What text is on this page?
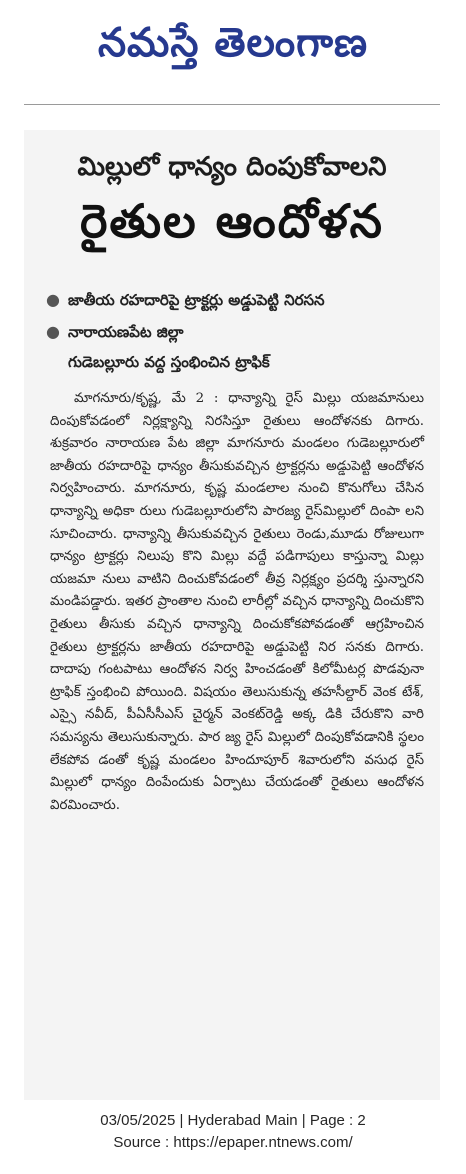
నమస్తే తెలంగాణ
మిల్లులో ధాన్యం దింపుకోవాలని
రైతుల ఆందోళన
● జాతీయ రహదారిపై ట్రాక్టర్లు అడ్డుపెట్టి నిరసన
● నారాయణపేట జిల్లా
గుడెబల్లూరు వద్ద స్తంభించిన ట్రాఫిక్

మాగనూరు/కృష్ణ, మే 2 : ధాన్యాన్ని రైస్ మిల్లు యజమానులు దింపుకోవడంలో నిర్లక్ష్యాన్ని నిరసిస్తూ రైతులు ఆందోళనకు దిగారు. శుక్రవారం నారాయణ పేట జిల్లా మాగనూరు మండలం గుడెబల్లూరులో జాతీయ రహదారిపై ధాన్యం తీసుకువచ్చిన ట్రాక్టర్లను అడ్డుపెట్టి ఆందోళన నిర్వహించారు. మాగనూరు, కృష్ణ మండలాల నుంచి కొనుగోలు చేసిన ధాన్యాన్ని అధికా రులు గుడెబల్లూరులోని పారజ్య రైస్‌మిల్లులో దింపా లని సూచించారు. ధాన్యాన్ని తీసుకువచ్చిన రైతులు రెండు,మూడు రోజులుగా ధాన్యం ట్రాక్టర్లు నిలుపు కొని మిల్లు వద్దే పడిగాపులు కాస్తున్నా మిల్లు యజమా నులు వాటిని దించుకోవడంలో తీవ్ర నిర్లక్ష్యం ప్రదర్శి స్తున్నారని మండిపడ్డారు. ఇతర ప్రాంతాల నుంచి లారీల్లో వచ్చిన ధాన్యాన్ని దించుకొని రైతులు తీసుకు వచ్చిన ధాన్యాన్ని దించుకోకపోవడంతో ఆగ్రహించిన రైతులు ట్రాక్టర్లను జాతీయ రహదారిపై అడ్డుపెట్టి నిర సనకు దిగారు. దాదాపు గంటపాటు ఆందోళన నిర్వ హించడంతో కిలోమీటర్ల పొడవునా ట్రాఫిక్ స్తంభించి పోయింది. విషయం తెలుసుకున్న తహసీల్దార్ వెంక టేశ్, ఎస్సై నవీద్, పీఏసీసీఎస్ చైర్మన్ వెంకట్‌రెడ్డి అక్క డికి చేరుకొని వారి సమస్యను తెలుసుకున్నారు. పార జ్య రైస్ మిల్లులో దింపుకోవడానికి స్థలం లేకపోవ డంతో కృష్ణ మండలం హిందూపూర్ శివారులోని వసుధ రైస్ మిల్లులో ధాన్యం దింపేందుకు ఏర్పాటు చేయడంతో రైతులు ఆందోళన విరమించారు.

03/05/2025 | Hyderabad Main | Page : 2
Source : https://epaper.ntnews.com/
